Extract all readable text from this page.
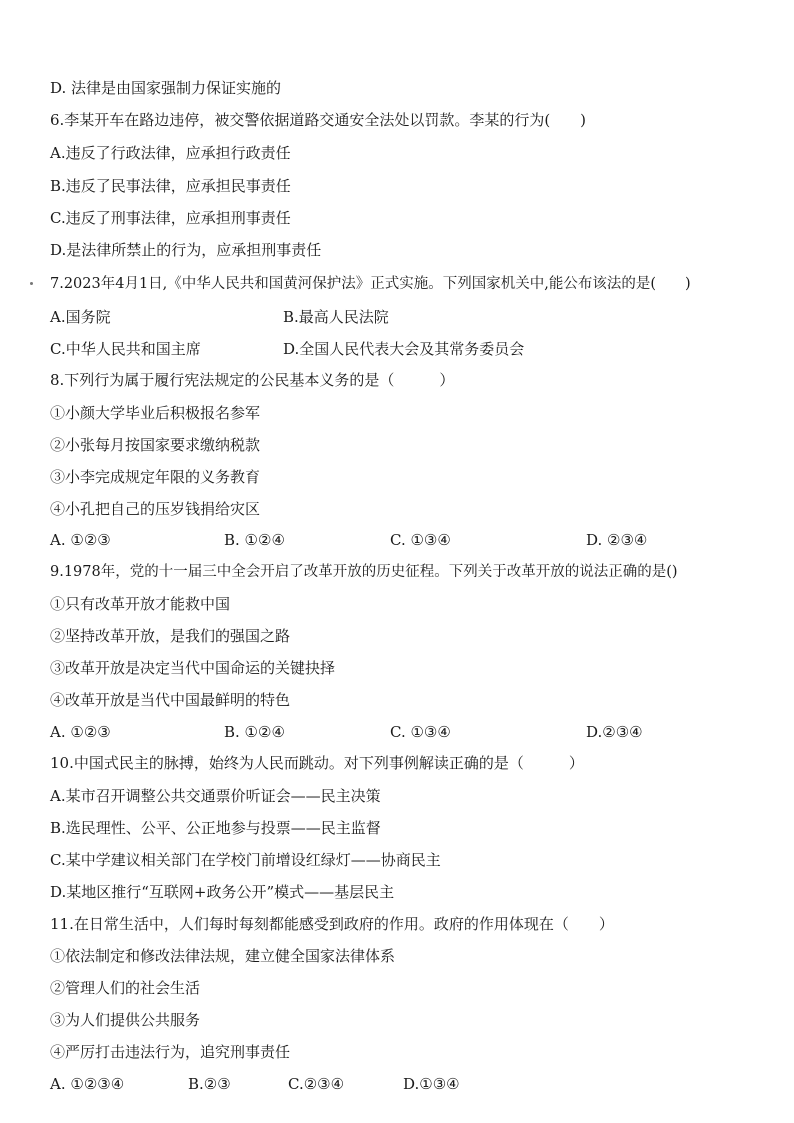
D. 法律是由国家强制力保证实施的
6.李某开车在路边违停，被交警依据道路交通安全法处以罚款。李某的行为(　　)
A.违反了行政法律，应承担行政责任
B.违反了民事法律，应承担民事责任
C.违反了刑事法律，应承担刑事责任
D.是法律所禁止的行为，应承担刑事责任
7.2023年4月1日,《中华人民共和国黄河保护法》正式实施。下列国家机关中,能公布该法的是(　　)
A.国务院	B.最高人民法院
C.中华人民共和国主席	D.全国人民代表大会及其常务委员会
8.下列行为属于履行宪法规定的公民基本义务的是（　　　）
①小颜大学毕业后积极报名参军
②小张每月按国家要求缴纳税款
③小李完成规定年限的义务教育
④小孔把自己的压岁钱捐给灾区
A. ①②③	B. ①②④	C. ①③④	D. ②③④
9.1978年，党的十一届三中全会开启了改革开放的历史征程。下列关于改革开放的说法正确的是()
①只有改革开放才能救中国
②坚持改革开放，是我们的强国之路
③改革开放是决定当代中国命运的关键抉择
④改革开放是当代中国最鲜明的特色
A. ①②③	B. ①②④	C. ①③④	D.②③④
10.中国式民主的脉搏，始终为人民而跳动。对下列事例解读正确的是（　　　）
A.某市召开调整公共交通票价听证会——民主决策
B.选民理性、公平、公正地参与投票——民主监督
C.某中学建议相关部门在学校门前增设红绿灯——协商民主
D.某地区推行“互联网+政务公开”模式——基层民主
11.在日常生活中，人们每时每刻都能感受到政府的作用。政府的作用体现在（　　）
①依法制定和修改法律法规，建立健全国家法律体系
②管理人们的社会生活
③为人们提供公共服务
④严厉打击违法行为，追究刑事责任
A. ①②③④	B.②③	C.②③④	D.①③④
